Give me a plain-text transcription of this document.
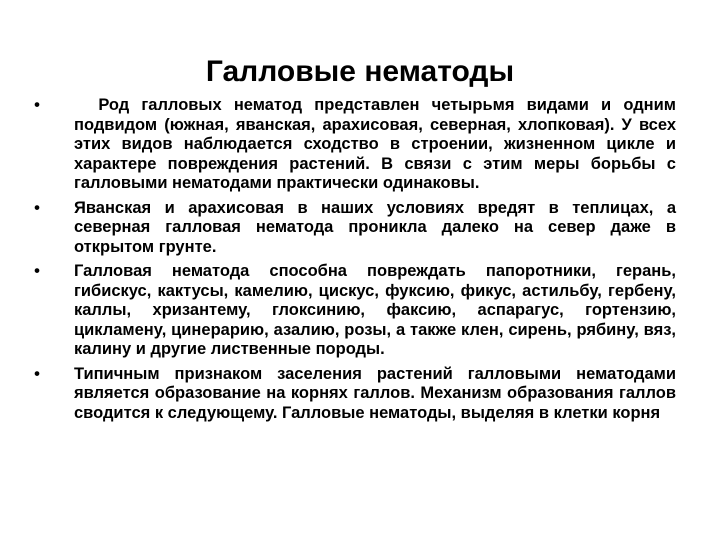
Галловые нематоды
• Род галловых нематод представлен четырьмя видами и одним подвидом (южная, яванская, арахисовая, северная, хлопковая). У всех этих видов наблюдается сходство в строении, жизненном цикле и характере повреждения растений. В связи с этим меры борьбы с галловыми нематодами практически одинаковы.
• Яванская и арахисовая в наших условиях вредят в теплицах, а северная галловая нематода проникла далеко на север даже в открытом грунте.
• Галловая нематода способна повреждать папоротники, герань, гибискус, кактусы, камелию, цискус, фуксию, фикус, астильбу, гербену, каллы, хризантему, глоксинию, факсию, аспарагус, гортензию, цикламену, цинерарию, азалию, розы, а также клен, сирень, рябину, вяз, калину и другие лиственные породы.
• Типичным признаком заселения растений галловыми нематодами является образование на корнях галлов. Механизм образования галлов сводится к следующему. Галловые нематоды, выделяя в клетки корня
